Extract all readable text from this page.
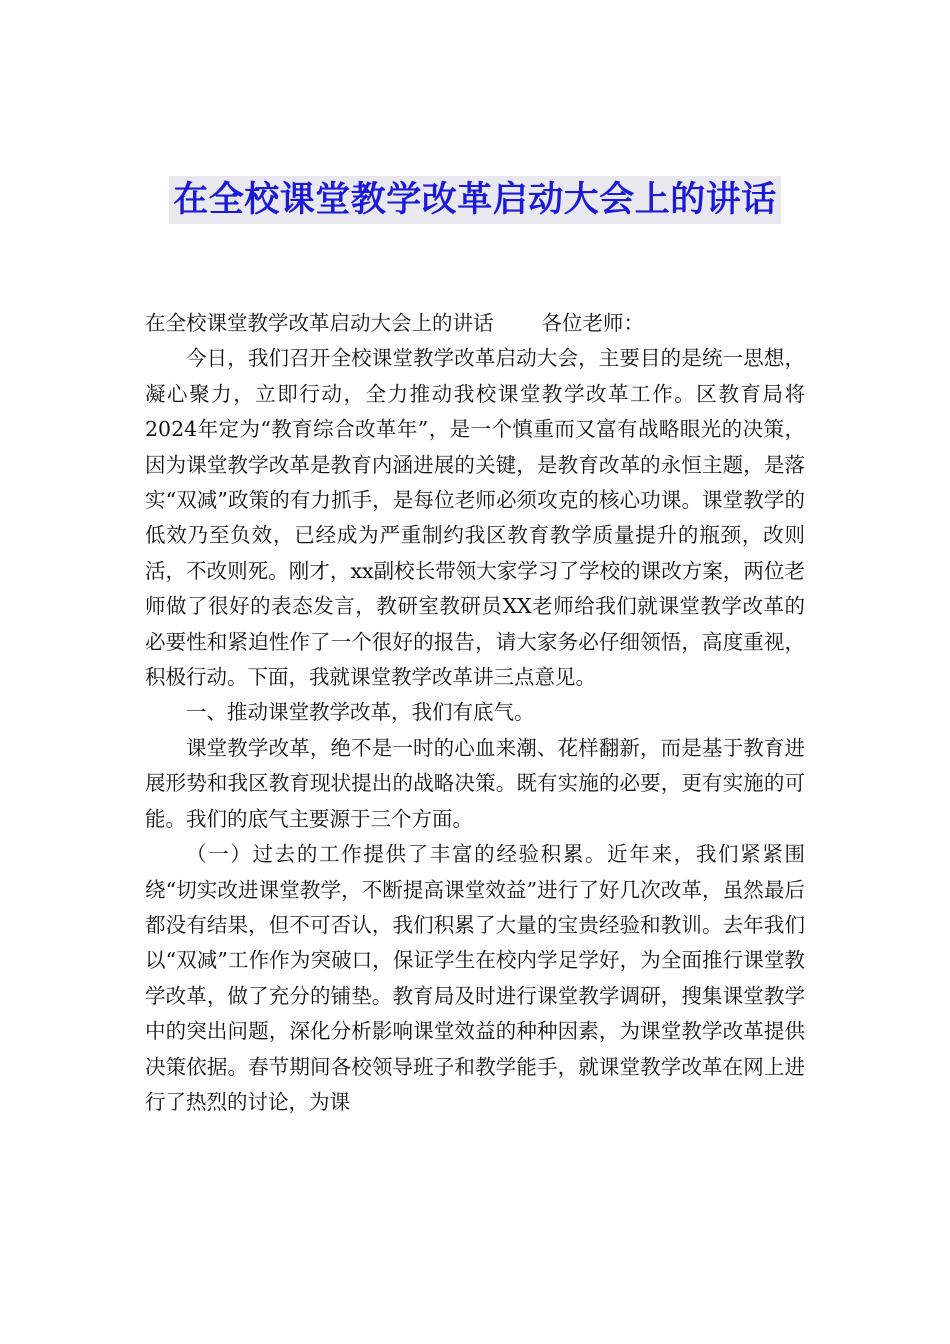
在全校课堂教学改革启动大会上的讲话

在全校课堂教学改革启动大会上的讲话 各位老师：

今日，我们召开全校课堂教学改革启动大会，主要目的是统一思想，凝心聚力，立即行动，全力推动我校课堂教学改革工作。区教育局将2024年定为“教育综合改革年”，是一个慎重而又富有战略眼光的决策，因为课堂教学改革是教育内涵进展的关键，是教育改革的永恒主题，是落实“双减”政策的有力抓手，是每位老师必须攻克的核心功课。课堂教学的低效乃至负效，已经成为严重制约我区教育教学质量提升的瓶颈，改则活，不改则死。刚才，xx副校长带领大家学习了学校的课改方案，两位老师做了很好的表态发言，教研室教研员XX老师给我们就课堂教学改革的必要性和紧迫性作了一个很好的报告，请大家务必仔细领悟，高度重视，积极行动。下面，我就课堂教学改革讲三点意见。

一、推动课堂教学改革，我们有底气。

课堂教学改革，绝不是一时的心血来潮、花样翻新，而是基于教育进展形势和我区教育现状提出的战略决策。既有实施的必要，更有实施的可能。我们的底气主要源于三个方面。

（一）过去的工作提供了丰富的经验积累。近年来，我们紧紧围绕“切实改进课堂教学，不断提高课堂效益”进行了好几次改革，虽然最后都没有结果，但不可否认，我们积累了大量的宝贵经验和教训。去年我们以“双减”工作作为突破口，保证学生在校内学足学好，为全面推行课堂教学改革，做了充分的铺垫。教育局及时进行课堂教学调研，搜集课堂教学中的突出问题，深化分析影响课堂效益的种种因素，为课堂教学改革提供决策依据。春节期间各校领导班子和教学能手，就课堂教学改革在网上进行了热烈的讨论，为课
